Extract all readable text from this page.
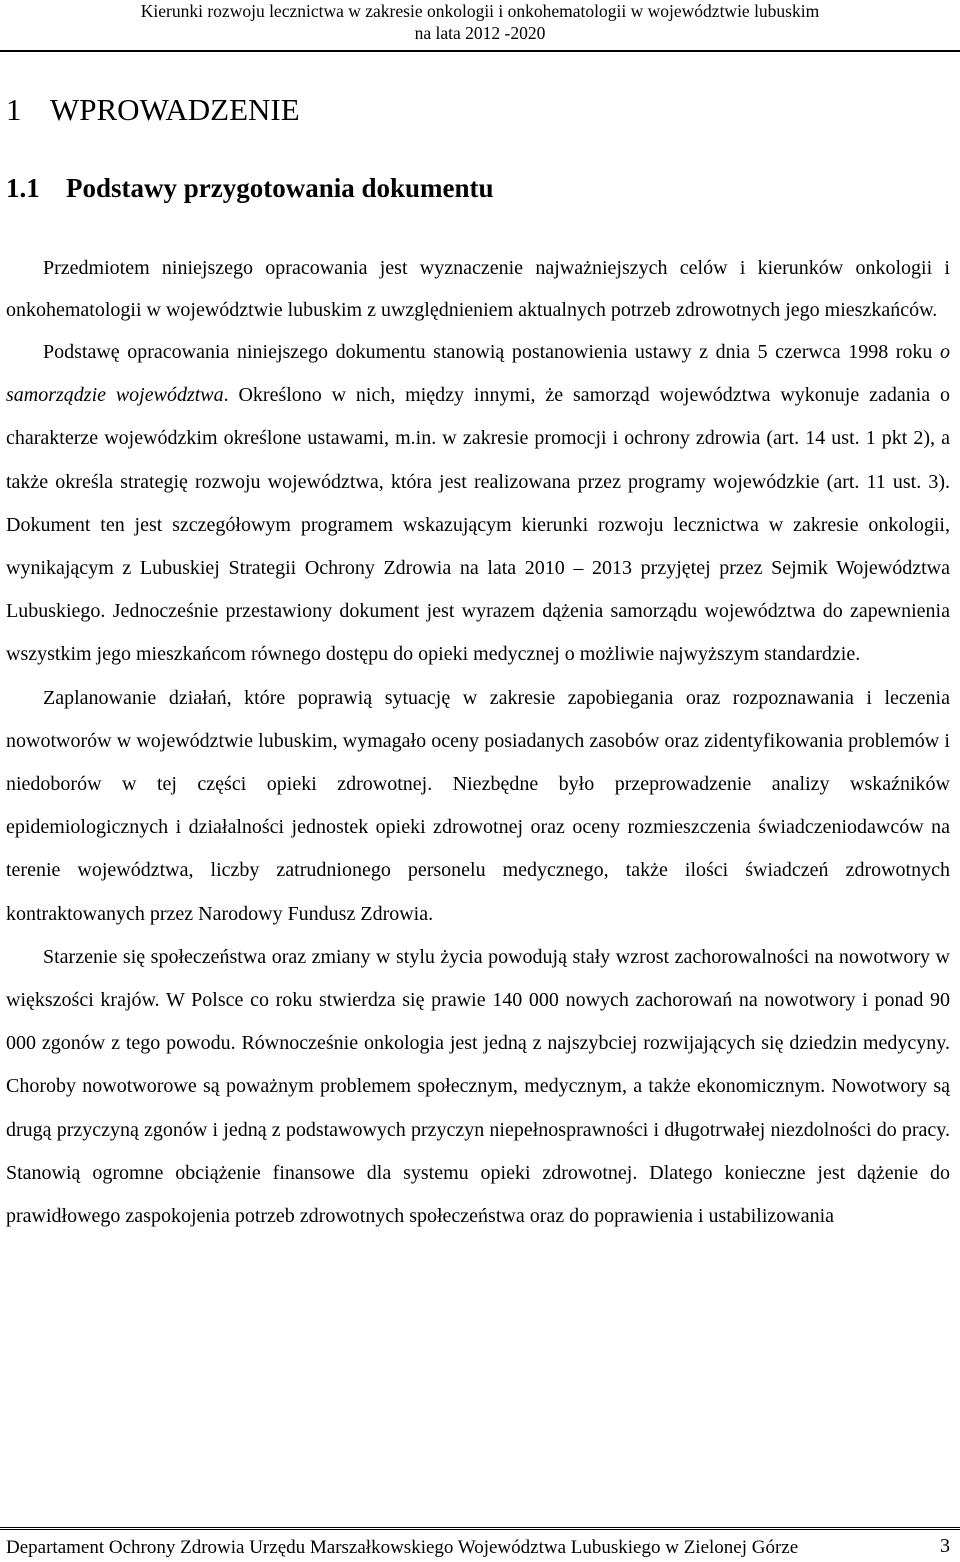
Kierunki rozwoju lecznictwa w zakresie onkologii i onkohematologii w województwie lubuskim
na lata 2012 -2020
1 WPROWADZENIE
1.1 Podstawy przygotowania dokumentu

Przedmiotem niniejszego opracowania jest wyznaczenie najważniejszych celów i kierunków onkologii i onkohematologii w województwie lubuskim z uwzględnieniem aktualnych potrzeb zdrowotnych jego mieszkańców.

Podstawę opracowania niniejszego dokumentu stanowią postanowienia ustawy z dnia 5 czerwca 1998 roku o samorządzie województwa. Określono w nich, między innymi, że samorząd województwa wykonuje zadania o charakterze wojewódzkim określone ustawami, m.in. w zakresie promocji i ochrony zdrowia (art. 14 ust. 1 pkt 2), a także określa strategię rozwoju województwa, która jest realizowana przez programy wojewódzkie (art. 11 ust. 3). Dokument ten jest szczegółowym programem wskazującym kierunki rozwoju lecznictwa w zakresie onkologii, wynikającym z Lubuskiej Strategii Ochrony Zdrowia na lata 2010 – 2013 przyjętej przez Sejmik Województwa Lubuskiego. Jednocześnie przestawiony dokument jest wyrazem dążenia samorządu województwa do zapewnienia wszystkim jego mieszkańcom równego dostępu do opieki medycznej o możliwie najwyższym standardzie.

Zaplanowanie działań, które poprawią sytuację w zakresie zapobiegania oraz rozpoznawania i leczenia nowotworów w województwie lubuskim, wymagało oceny posiadanych zasobów oraz zidentyfikowania problemów i niedoborów w tej części opieki zdrowotnej. Niezbędne było przeprowadzenie analizy wskaźników epidemiologicznych i działalności jednostek opieki zdrowotnej oraz oceny rozmieszczenia świadczeniodawców na terenie województwa, liczby zatrudnionego personelu medycznego, także ilości świadczeń zdrowotnych kontraktowanych przez Narodowy Fundusz Zdrowia.

Starzenie się społeczeństwa oraz zmiany w stylu życia powodują stały wzrost zachorowalności na nowotwory w większości krajów. W Polsce co roku stwierdza się prawie 140 000 nowych zachorowań na nowotwory i ponad 90 000 zgonów z tego powodu. Równocześnie onkologia jest jedną z najszybciej rozwijających się dziedzin medycyny. Choroby nowotworowe są poważnym problemem społecznym, medycznym, a także ekonomicznym. Nowotwory są drugą przyczyną zgonów i jedną z podstawowych przyczyn niepełnosprawności i długotrwałej niezdolności do pracy. Stanowią ogromne obciążenie finansowe dla systemu opieki zdrowotnej. Dlatego konieczne jest dążenie do prawidłowego zaspokojenia potrzeb zdrowotnych społeczeństwa oraz do poprawienia i ustabilizowania

Departament Ochrony Zdrowia Urzędu Marszałkowskiego Województwa Lubuskiego w Zielonej Górze	3
